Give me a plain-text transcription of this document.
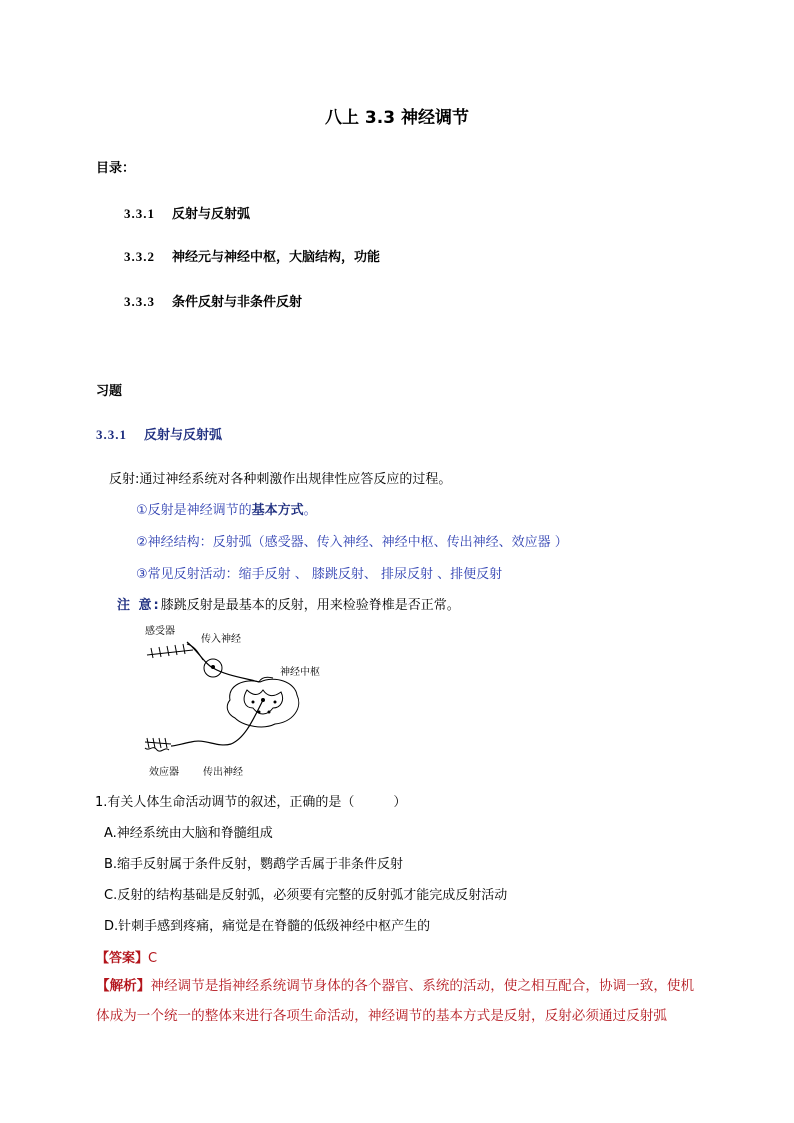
八上 3.3 神经调节
目录：
3.3.1 反射与反射弧
3.3.2 神经元与神经中枢，大脑结构，功能
3.3.3 条件反射与非条件反射
习题
3.3.1 反射与反射弧
反射:通过神经系统对各种刺激作出规律性应答反应的过程。
①反射是神经调节的基本方式。
②神经结构：反射弧（感受器、传入神经、神经中枢、传出神经、效应器 ）
③常见反射活动：缩手反射 、 膝跳反射、 排尿反射 、排便反射
注 意:膝跳反射是最基本的反射，用来检验脊椎是否正常。
感受器
传入神经
神经中枢
效应器 传出神经
1.有关人体生命活动调节的叙述，正确的是（　　　）
A.神经系统由大脑和脊髓组成
B.缩手反射属于条件反射，鹦鹉学舌属于非条件反射
C.反射的结构基础是反射弧，必须要有完整的反射弧才能完成反射活动
D.针刺手感到疼痛，痛觉是在脊髓的低级神经中枢产生的
【答案】C
【解析】神经调节是指神经系统调节身体的各个器官、系统的活动，使之相互配合，协调一致，使机体成为一个统一的整体来进行各项生命活动，神经调节的基本方式是反射，反射必须通过反射弧
